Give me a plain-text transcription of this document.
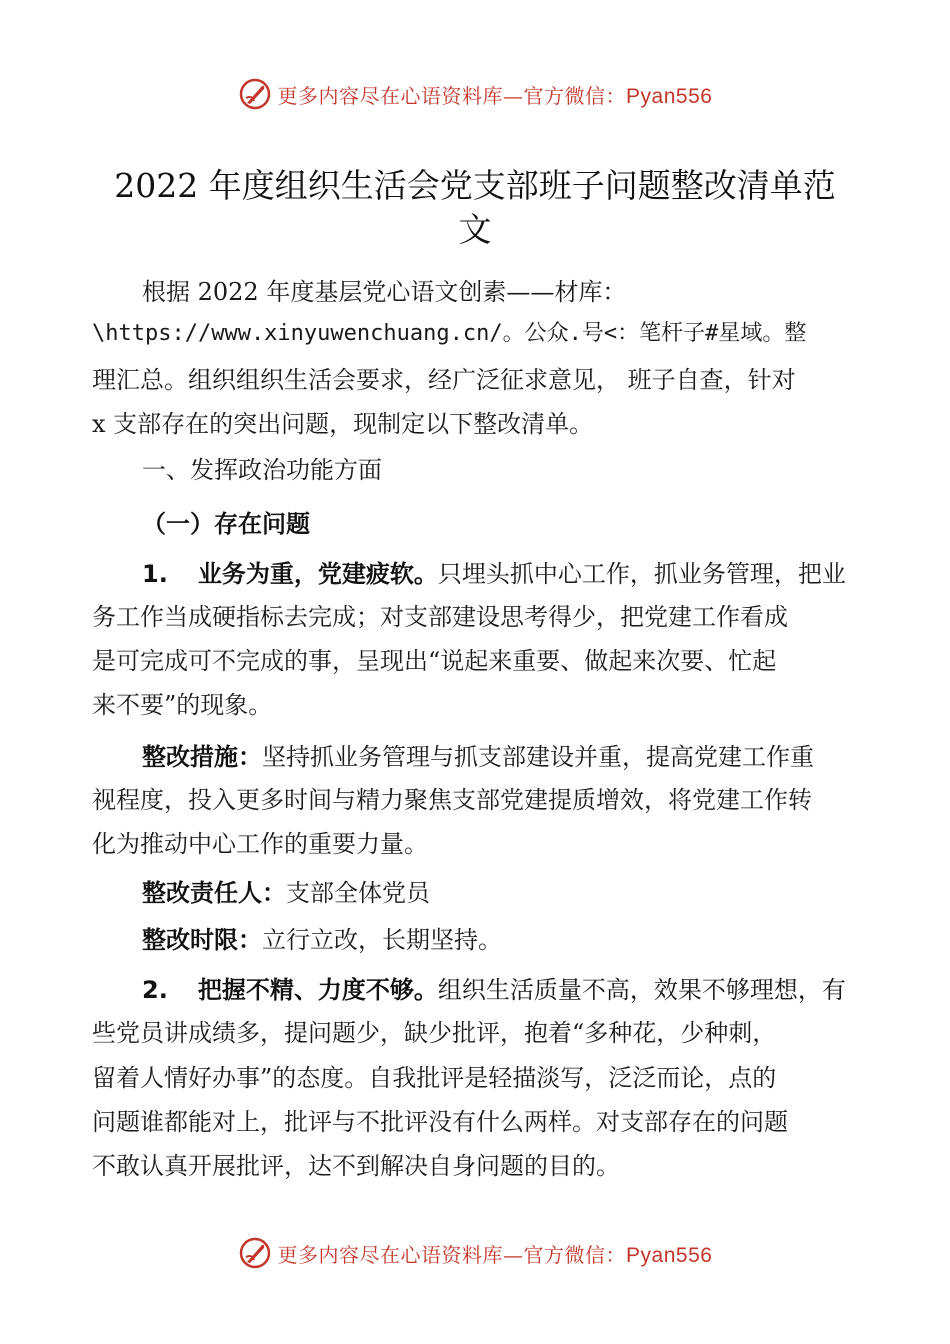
更多内容尽在心语资料库—官方微信：Pyan556
2022 年度组织生活会党支部班子问题整改清单范
文
根据 2022 年度基层党心语文创素——材库：
\https://www.xinyuwenchuang.cn/。公众.号<：笔杆子#星域。整
理汇总。组织组织生活会要求，经广泛征求意见， 班子自查，针对
x 支部存在的突出问题，现制定以下整改清单。
一、发挥政治功能方面
（一）存在问题
1. 业务为重，党建疲软。只埋头抓中心工作，抓业务管理，把业
务工作当成硬指标去完成；对支部建设思考得少，把党建工作看成
是可完成可不完成的事，呈现出“说起来重要、做起来次要、忙起
来不要”的现象。
整改措施：坚持抓业务管理与抓支部建设并重，提高党建工作重
视程度，投入更多时间与精力聚焦支部党建提质增效，将党建工作转
化为推动中心工作的重要力量。
整改责任人：支部全体党员
整改时限：立行立改，长期坚持。
2. 把握不精、力度不够。组织生活质量不高，效果不够理想，有
些党员讲成绩多，提问题少，缺少批评，抱着“多种花，少种刺，
留着人情好办事”的态度。自我批评是轻描淡写，泛泛而论，点的
问题谁都能对上，批评与不批评没有什么两样。对支部存在的问题
不敢认真开展批评，达不到解决自身问题的目的。
更多内容尽在心语资料库—官方微信：Pyan556
